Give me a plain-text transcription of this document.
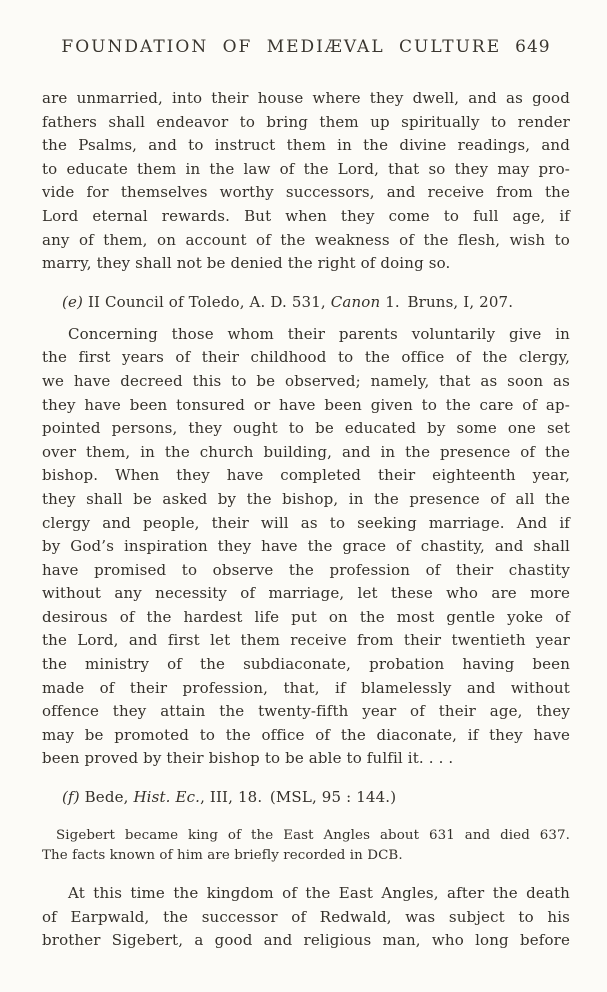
FOUNDATION OF MEDIÆVAL CULTURE 649
are unmarried, into their house where they dwell, and as good
fathers shall endeavor to bring them up spiritually to render
the Psalms, and to instruct them in the divine readings, and
to educate them in the law of the Lord, that so they may pro-
vide for themselves worthy successors, and receive from the
Lord eternal rewards. But when they come to full age, if
any of them, on account of the weakness of the flesh, wish to
marry, they shall not be denied the right of doing so.
(e) II Council of Toledo, A. D. 531, Canon 1. Bruns, I, 207.
Concerning those whom their parents voluntarily give in
the first years of their childhood to the office of the clergy,
we have decreed this to be observed; namely, that as soon as
they have been tonsured or have been given to the care of ap-
pointed persons, they ought to be educated by some one set
over them, in the church building, and in the presence of the
bishop. When they have completed their eighteenth year,
they shall be asked by the bishop, in the presence of all the
clergy and people, their will as to seeking marriage. And if
by God’s inspiration they have the grace of chastity, and shall
have promised to observe the profession of their chastity
without any necessity of marriage, let these who are more
desirous of the hardest life put on the most gentle yoke of
the Lord, and first let them receive from their twentieth year
the ministry of the subdiaconate, probation having been
made of their profession, that, if blamelessly and without
offence they attain the twenty-fifth year of their age, they
may be promoted to the office of the diaconate, if they have
been proved by their bishop to be able to fulfil it. . . .
(f) Bede, Hist. Ec., III, 18. (MSL, 95 : 144.)
Sigebert became king of the East Angles about 631 and died 637.
The facts known of him are briefly recorded in DCB.
At this time the kingdom of the East Angles, after the death
of Earpwald, the successor of Redwald, was subject to his
brother Sigebert, a good and religious man, who long before
